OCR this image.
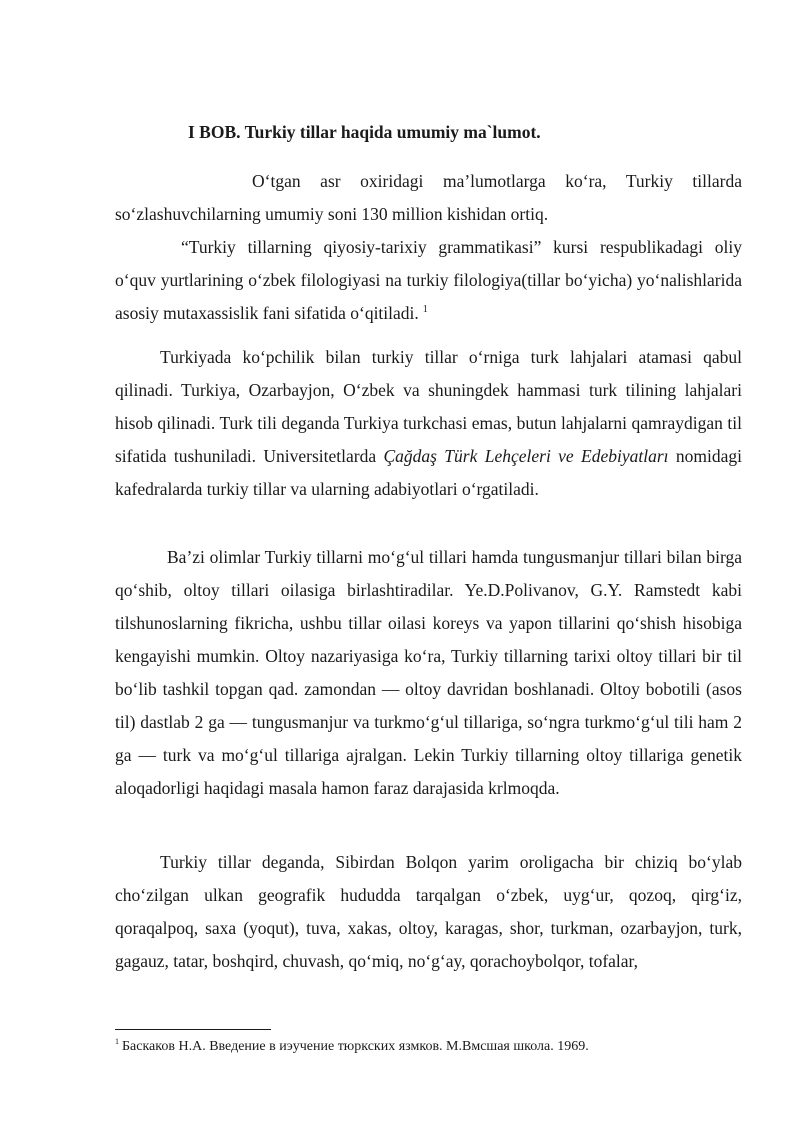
I BOB. Turkiy tillar haqida umumiy ma`lumot.

O‘tgan asr oxiridagi ma’lumotlarga ko‘ra, Turkiy tillarda so‘zlashuvchilarning umumiy soni 130 million kishidan ortiq.

“Turkiy tillarning qiyosiy-tarixiy grammatikasi” kursi respublikadagi oliy o‘quv yurtlarining o‘zbek filologiyasi na turkiy filologiya(tillar bo‘yicha) yo‘nalishlarida asosiy mutaxassislik fani sifatida o‘qitiladi. $^1$

Turkiyada ko‘pchilik bilan turkiy tillar o‘rniga turk lahjalari atamasi qabul qilinadi. Turkiya, Ozarbayjon, O‘zbek va shuningdek hammasi turk tilining lahjalari hisob qilinadi. Turk tili deganda Turkiya turkchasi emas, butun lahjalarni qamraydigan til sifatida tushuniladi. Universitetlarda Çağdaş Türk Lehçeleri ve Edebiyatları nomidagi kafedralarda turkiy tillar va ularning adabiyotlari o‘rgatiladi.

Ba’zi olimlar Turkiy tillarni mo‘g‘ul tillari hamda tungusmanjur tillari bilan birga qo‘shib, oltoy tillari oilasiga birlashtiradilar. Ye.D.Polivanov, G.Y. Ramstedt kabi tilshunoslarning fikricha, ushbu tillar oilasi koreys va yapon tillarini qo‘shish hisobiga kengayishi mumkin. Oltoy nazariyasiga ko‘ra, Turkiy tillarning tarixi oltoy tillari bir til bo‘lib tashkil topgan qad. zamondan — oltoy davridan boshlanadi. Oltoy bobotili (asos til) dastlab 2 ga — tungusmanjur va turkmo‘g‘ul tillariga, so‘ngra turkmo‘g‘ul tili ham 2 ga — turk va mo‘g‘ul tillariga ajralgan. Lekin Turkiy tillarning oltoy tillariga genetik aloqadorligi haqidagi masala hamon faraz darajasida krlmoqda.

Turkiy tillar deganda, Sibirdan Bolqon yarim oroligacha bir chiziq bo‘ylab cho‘zilgan ulkan geografik hududda tarqalgan o‘zbek, uyg‘ur, qozoq, qirg‘iz, qoraqalpoq, saxa (yoqut), tuva, xakas, oltoy, karagas, shor, turkman, ozarbayjon, turk, gagauz, tatar, boshqird, chuvash, qo‘miq, no‘g‘ay, qorachoybolqor, tofalar,

$^1$ Баскаков Н.А. Введение в иэучение тюркских язмков. М.Вмсшая школа. 1969.
